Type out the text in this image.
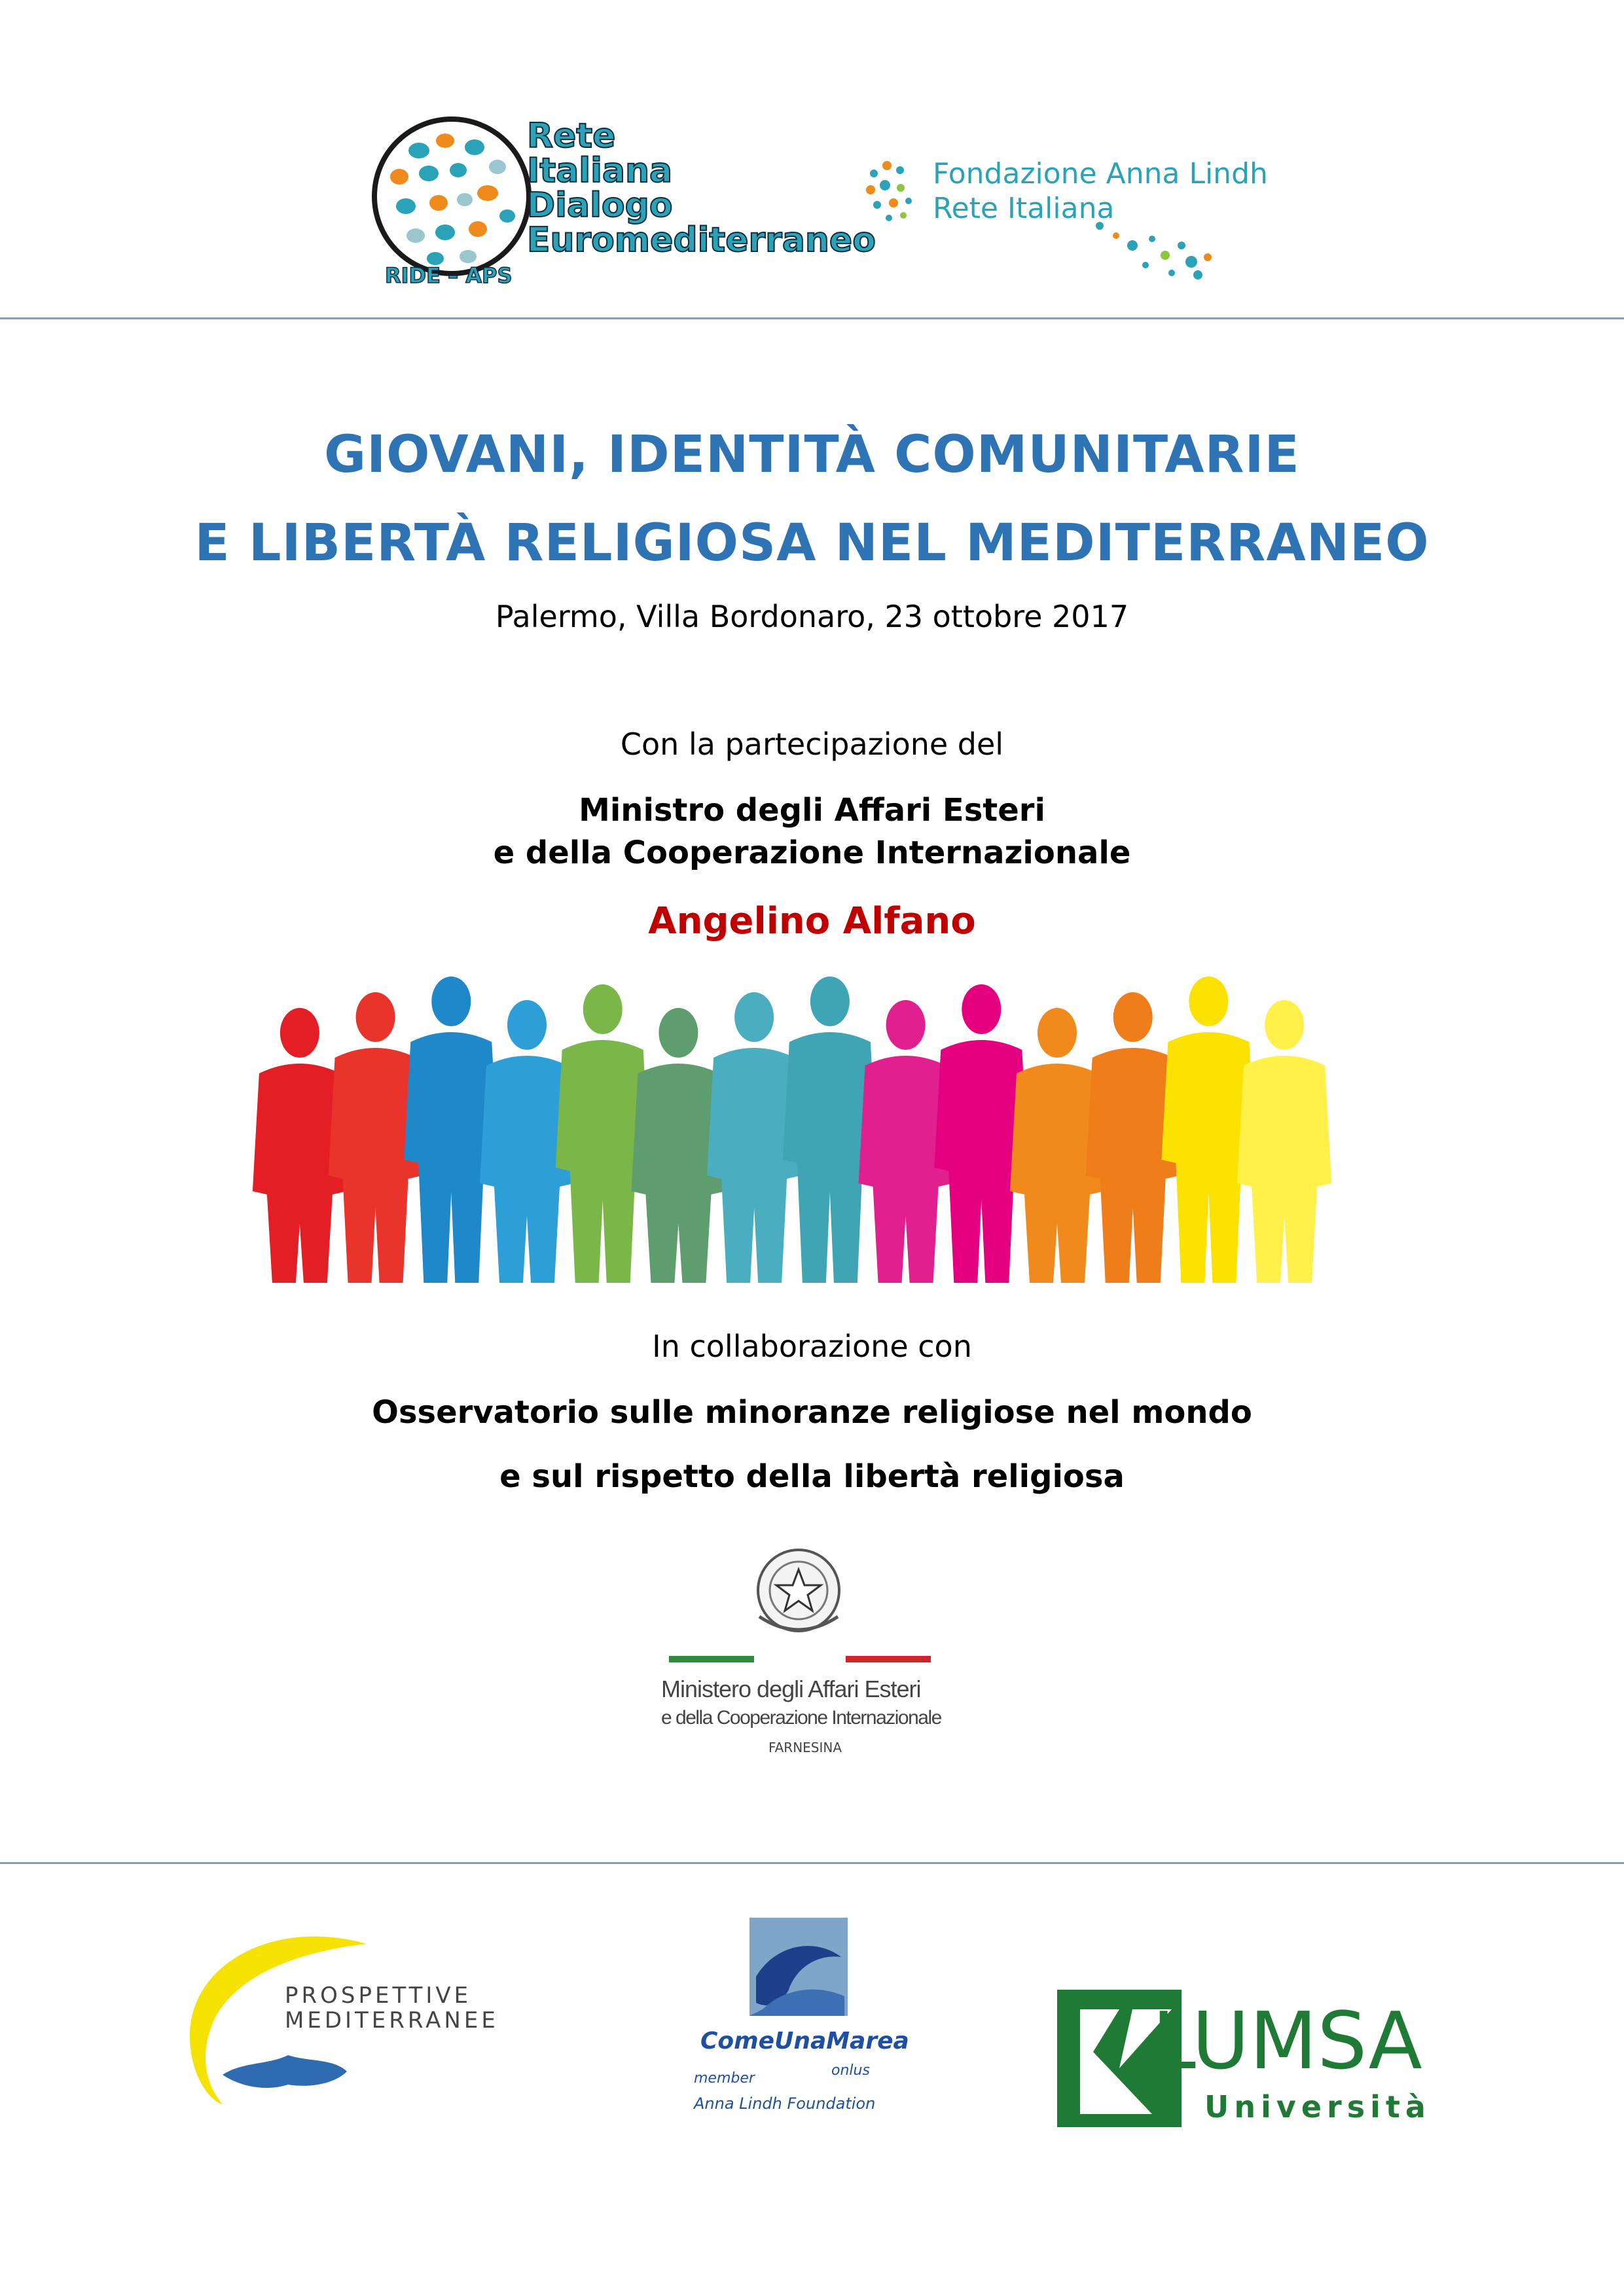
Rete
Italiana
Dialogo
Euromediterraneo
RIDE – APS
Fondazione Anna Lindh
Rete Italiana
GIOVANI, IDENTITÀ COMUNITARIE
E LIBERTÀ RELIGIOSA NEL MEDITERRANEO
Palermo, Villa Bordonaro, 23 ottobre 2017
Con la partecipazione del
Ministro degli Affari Esteri
e della Cooperazione Internazionale
Angelino Alfano
In collaborazione con
Osservatorio sulle minoranze religiose nel mondo
e sul rispetto della libertà religiosa
Ministero degli Affari Esteri
e della Cooperazione Internazionale
FARNESINA
PROSPETTIVE
MEDITERRANEE
ComeUnaMarea
onlus
member
Anna Lindh Foundation
LUMSA
Università
